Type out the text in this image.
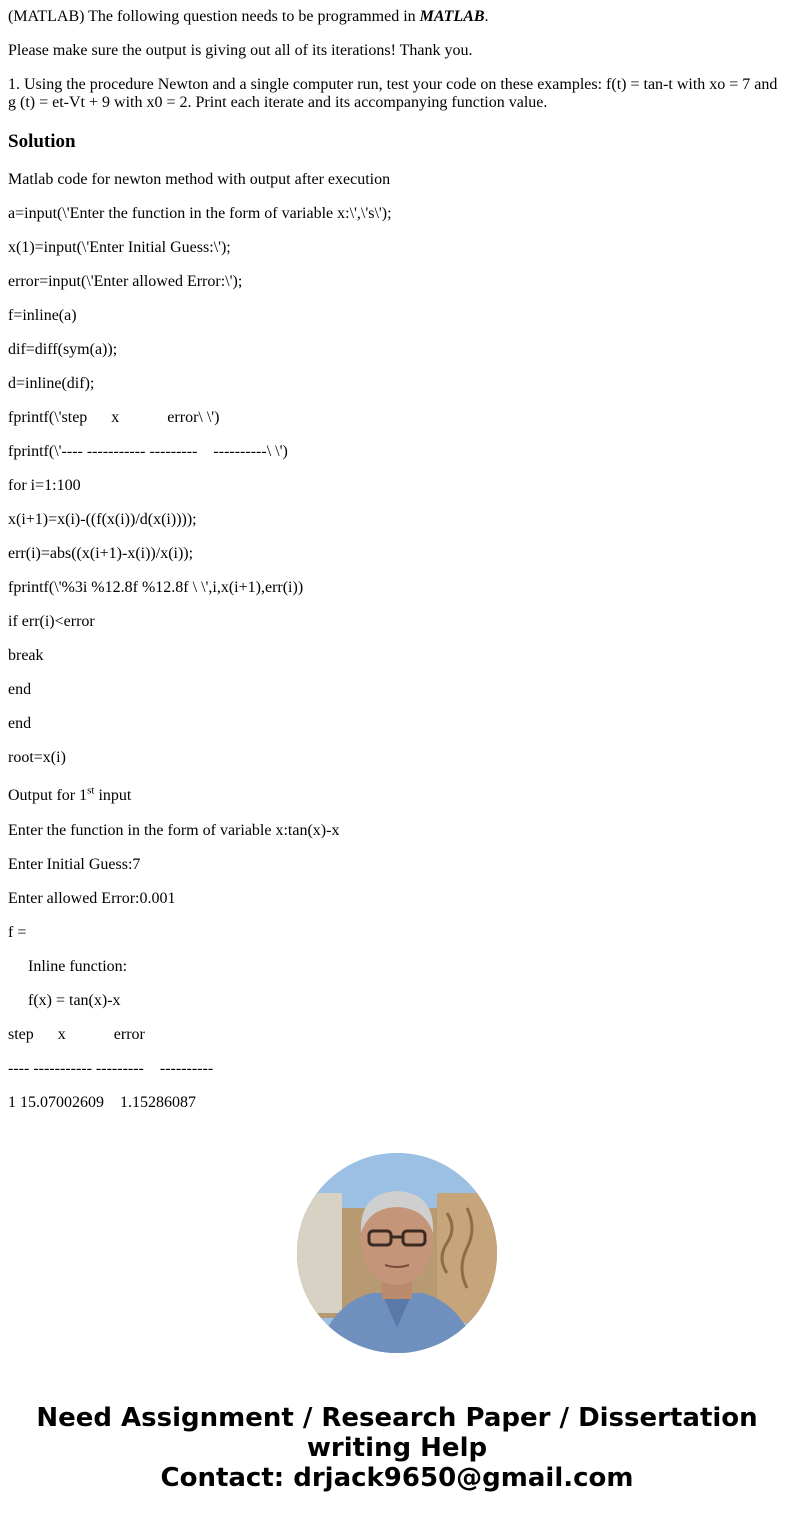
(MATLAB) The following question needs to be programmed in MATLAB.
Please make sure the output is giving out all of its iterations! Thank you.
1. Using the procedure Newton and a single computer run, test your code on these examples: f(t) = tan-t with xo = 7 and g (t) = et-Vt + 9 with x0 = 2. Print each iterate and its accompanying function value.
Solution
Matlab code for newton method with output after execution
a=input(\'Enter the function in the form of variable x:\',\'s\');
x(1)=input(\'Enter Initial Guess:\');
error=input(\'Enter allowed Error:\');
f=inline(a)
dif=diff(sym(a));
d=inline(dif);
fprintf(\'step      x            error\ \')
fprintf(\'---- ----------- ---------    ----------\ \')
for i=1:100
x(i+1)=x(i)-((f(x(i))/d(x(i))));
err(i)=abs((x(i+1)-x(i))/x(i));
fprintf(\'%3i %12.8f %12.8f \ \',i,x(i+1),err(i))
if err(i)<error
break
end
end
root=x(i)
Output for 1st input
Enter the function in the form of variable x:tan(x)-x
Enter Initial Guess:7
Enter allowed Error:0.001
f =
Inline function:
f(x) = tan(x)-x
step      x            error
---- ----------- ---------    ----------
1 15.07002609    1.15286087
Need Assignment / Research Paper / Dissertation
writing Help
Contact: drjack9650@gmail.com
